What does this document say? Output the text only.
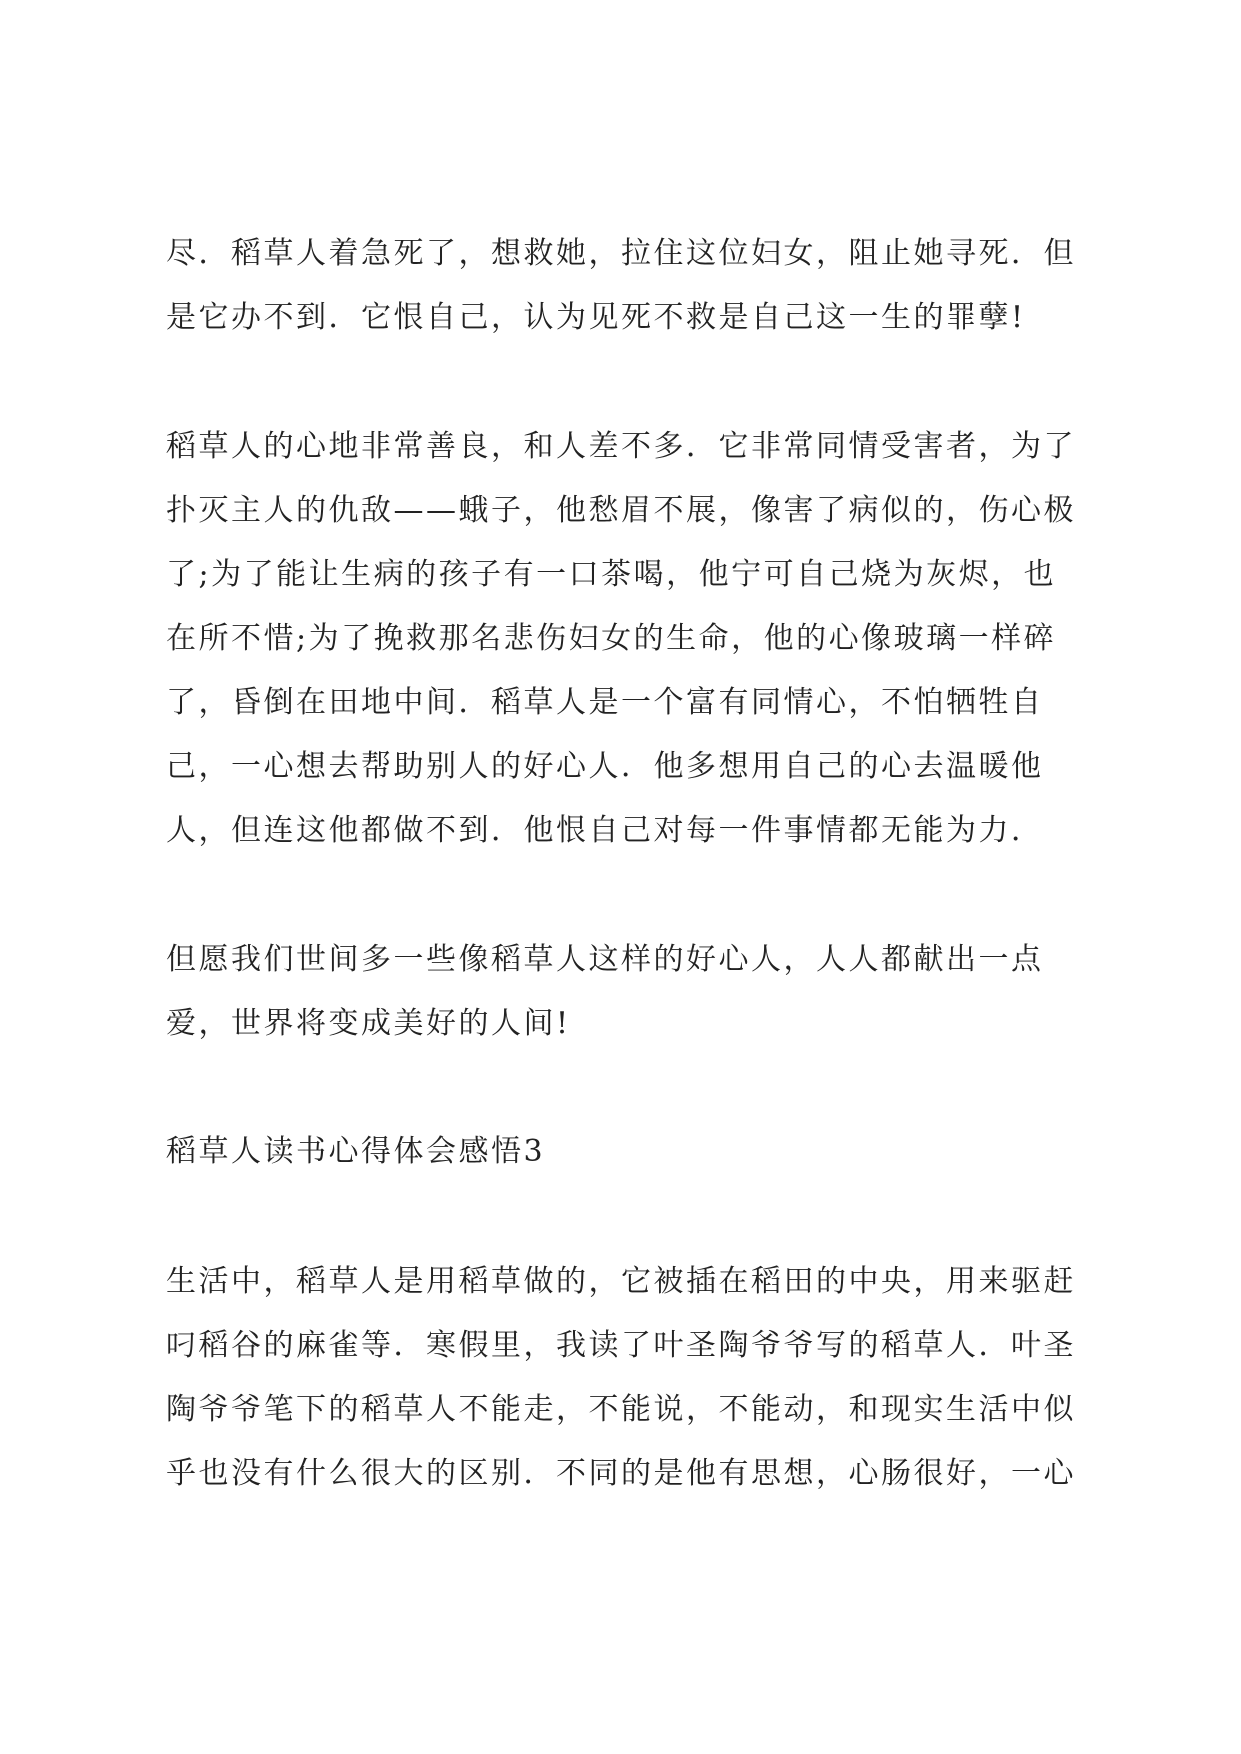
尽．稻草人着急死了，想救她，拉住这位妇女，阻止她寻死．但
是它办不到．它恨自己，认为见死不救是自己这一生的罪孽!
稻草人的心地非常善良，和人差不多．它非常同情受害者，为了
扑灭主人的仇敌——蛾子，他愁眉不展，像害了病似的，伤心极
了;为了能让生病的孩子有一口茶喝，他宁可自己烧为灰烬，也
在所不惜;为了挽救那名悲伤妇女的生命，他的心像玻璃一样碎
了，昏倒在田地中间．稻草人是一个富有同情心，不怕牺牲自
己，一心想去帮助别人的好心人．他多想用自己的心去温暖他
人，但连这他都做不到．他恨自己对每一件事情都无能为力．
但愿我们世间多一些像稻草人这样的好心人，人人都献出一点
爱，世界将变成美好的人间!
稻草人读书心得体会感悟3
生活中，稻草人是用稻草做的，它被插在稻田的中央，用来驱赶
叼稻谷的麻雀等．寒假里，我读了叶圣陶爷爷写的稻草人．叶圣
陶爷爷笔下的稻草人不能走，不能说，不能动，和现实生活中似
乎也没有什么很大的区别．不同的是他有思想，心肠很好，一心
